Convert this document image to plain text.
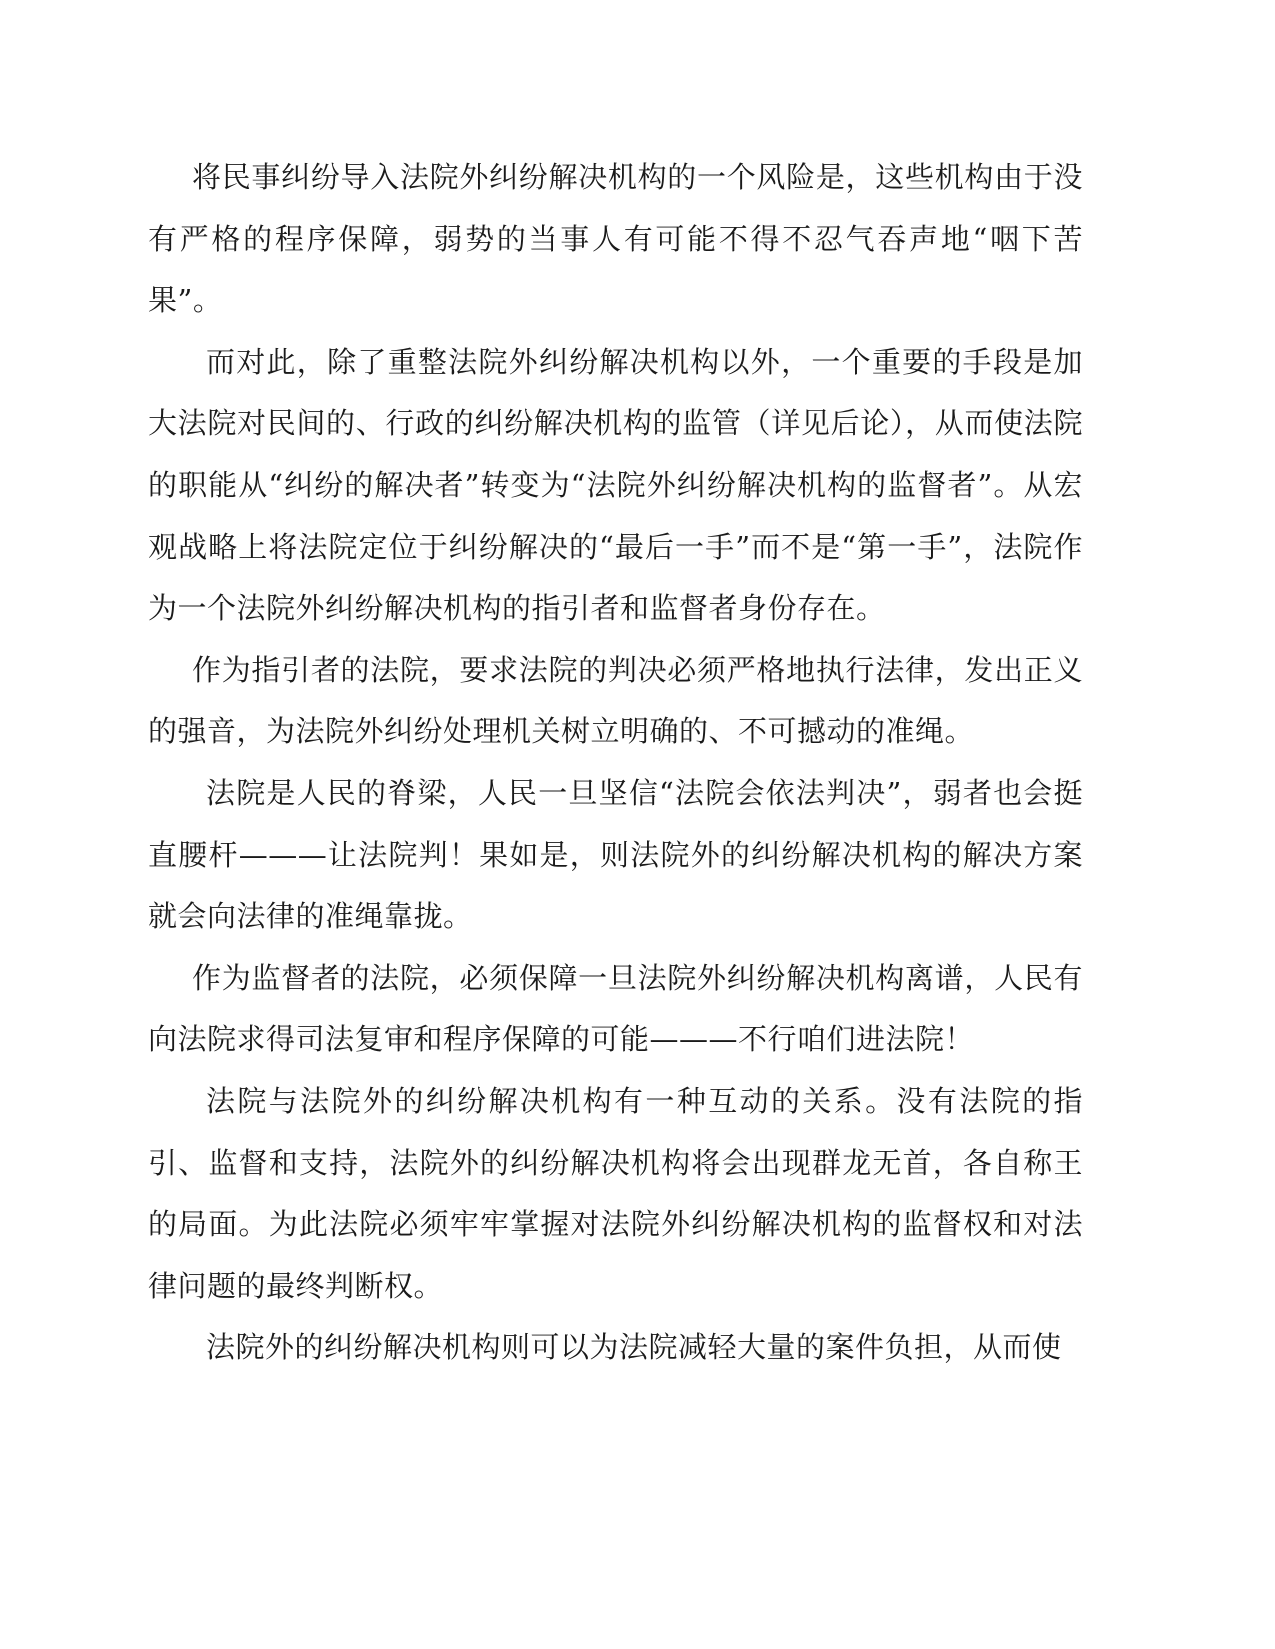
将民事纠纷导入法院外纠纷解决机构的一个风险是，这些机构由于没有严格的程序保障，弱势的当事人有可能不得不忍气吞声地“咽下苦果”。

而对此，除了重整法院外纠纷解决机构以外，一个重要的手段是加大法院对民间的、行政的纠纷解决机构的监管（详见后论），从而使法院的职能从“纠纷的解决者”转变为“法院外纠纷解决机构的监督者”。从宏观战略上将法院定位于纠纷解决的“最后一手”而不是“第一手”，法院作为一个法院外纠纷解决机构的指引者和监督者身份存在。

作为指引者的法院，要求法院的判决必须严格地执行法律，发出正义的强音，为法院外纠纷处理机关树立明确的、不可撼动的准绳。

法院是人民的脊梁，人民一旦坚信“法院会依法判决”，弱者也会挺直腰杆———让法院判！果如是，则法院外的纠纷解决机构的解决方案就会向法律的准绳靠拢。

作为监督者的法院，必须保障一旦法院外纠纷解决机构离谱，人民有向法院求得司法复审和程序保障的可能———不行咱们进法院！

法院与法院外的纠纷解决机构有一种互动的关系。没有法院的指引、监督和支持，法院外的纠纷解决机构将会出现群龙无首，各自称王的局面。为此法院必须牢牢掌握对法院外纠纷解决机构的监督权和对法律问题的最终判断权。

法院外的纠纷解决机构则可以为法院减轻大量的案件负担，从而使
